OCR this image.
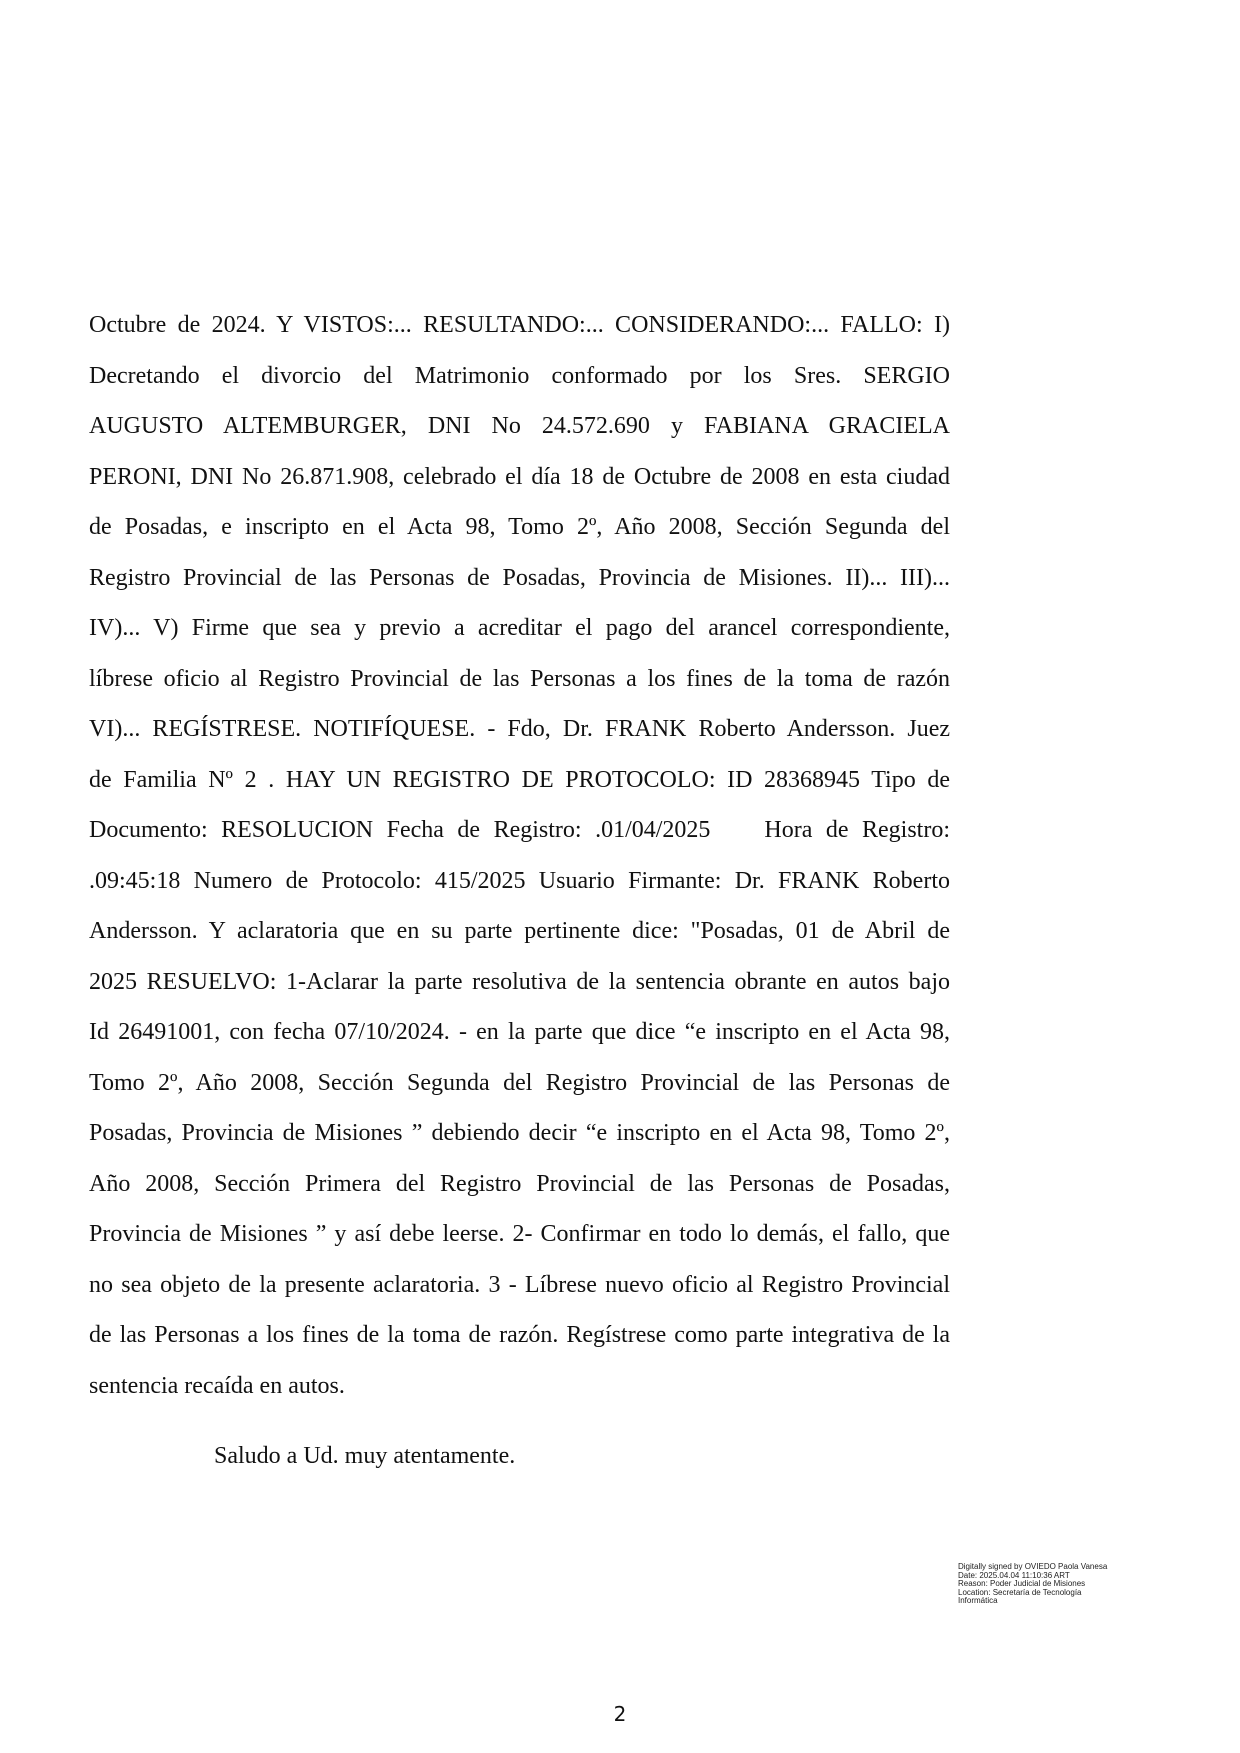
Octubre de 2024. Y VISTOS:... RESULTANDO:... CONSIDERANDO:... FALLO: I)
Decretando el divorcio del Matrimonio conformado por los Sres. SERGIO
AUGUSTO ALTEMBURGER, DNI No 24.572.690 y FABIANA GRACIELA
PERONI, DNI No 26.871.908, celebrado el día 18 de Octubre de 2008 en esta ciudad
de Posadas, e inscripto en el Acta 98, Tomo 2º, Año 2008, Sección Segunda del
Registro Provincial de las Personas de Posadas, Provincia de Misiones. II)... III)...
IV)... V) Firme que sea y previo a acreditar el pago del arancel correspondiente,
líbrese oficio al Registro Provincial de las Personas a los fines de la toma de razón
VI)... REGÍSTRESE. NOTIFÍQUESE. - Fdo, Dr. FRANK Roberto Andersson. Juez
de Familia Nº 2 . HAY UN REGISTRO DE PROTOCOLO: ID 28368945 Tipo de
Documento: RESOLUCION Fecha de Registro: .01/04/2025    Hora de Registro:
.09:45:18 Numero de Protocolo: 415/2025 Usuario Firmante: Dr. FRANK Roberto
Andersson. Y aclaratoria que en su parte pertinente dice: "Posadas, 01 de Abril de
2025 RESUELVO: 1-Aclarar la parte resolutiva de la sentencia obrante en autos bajo
Id 26491001, con fecha 07/10/2024. - en la parte que dice “e inscripto en el Acta 98,
Tomo 2º, Año 2008, Sección Segunda del Registro Provincial de las Personas de
Posadas, Provincia de Misiones ” debiendo decir “e inscripto en el Acta 98, Tomo 2º,
Año 2008, Sección Primera del Registro Provincial de las Personas de Posadas,
Provincia de Misiones ” y así debe leerse. 2- Confirmar en todo lo demás, el fallo, que
no sea objeto de la presente aclaratoria. 3 - Líbrese nuevo oficio al Registro Provincial
de las Personas a los fines de la toma de razón. Regístrese como parte integrativa de la
sentencia recaída en autos.
Saludo a Ud. muy atentamente.
Digitally signed by OVIEDO Paola Vanesa
Date: 2025.04.04 11:10:36 ART
Reason: Poder Judicial de Misiones
Location: Secretaría de Tecnología
Informática
2
